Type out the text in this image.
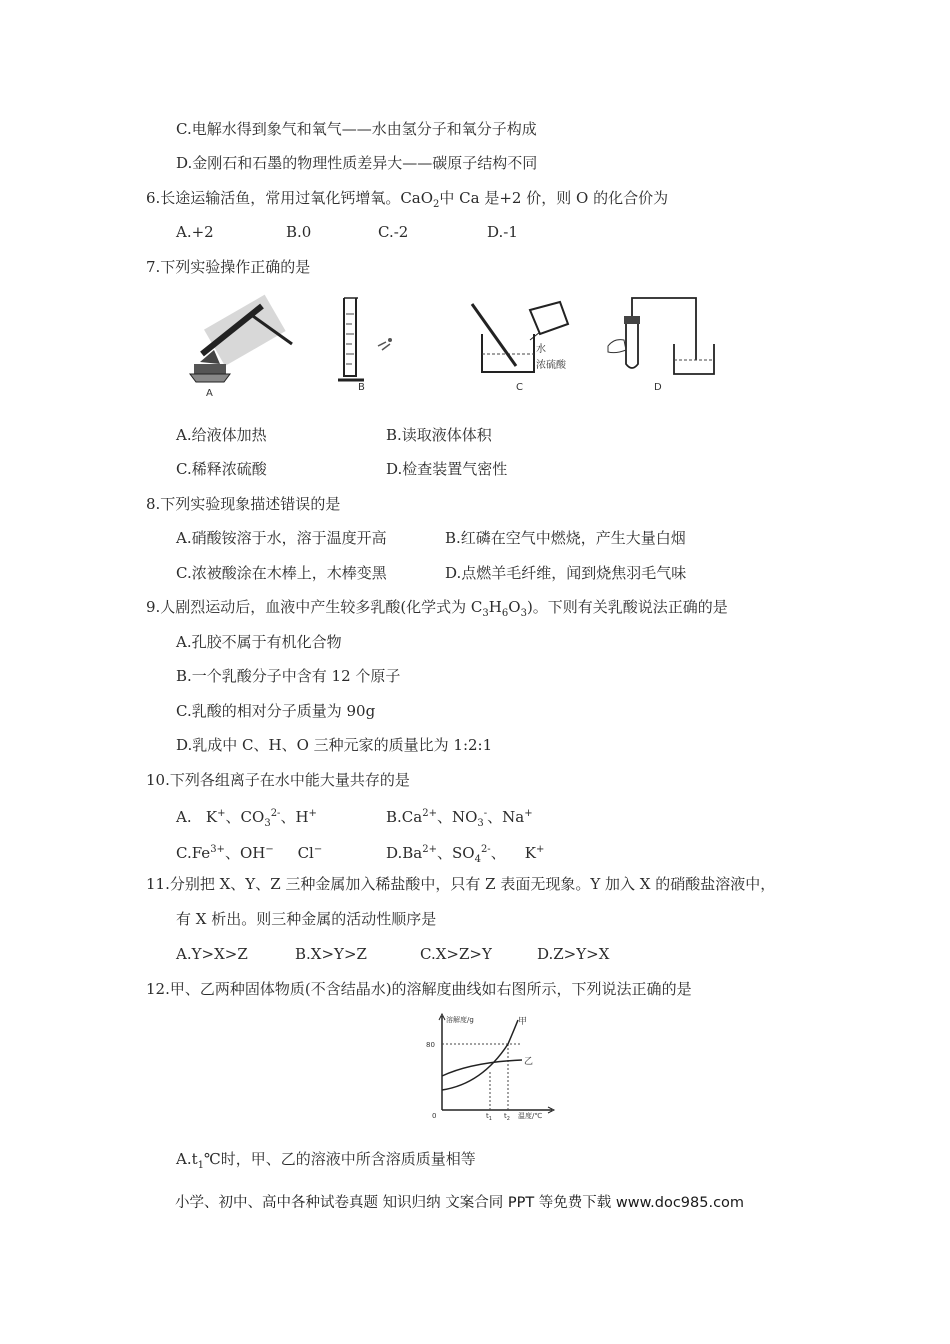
C.电解水得到象气和氧气——水由氢分子和氧分子构成
D.金刚石和石墨的物理性质差异大——碳原子结构不同
6.长途运输活鱼，常用过氧化钙增氧。CaO$_2$中 Ca 是+2 价，则 O 的化合价为
A.+2	B.0	C.-2	D.-1
7.下列实验操作正确的是
A
B
水
浓硫酸
C	D
A.给液体加热	B.读取液体体积
C.稀释浓硫酸	D.检查装置气密性
8.下列实验现象描述错误的是
A.硝酸铵溶于水，溶于温度开高	B.红磷在空气中燃烧，产生大量白烟
C.浓被酸涂在木棒上，木棒变黑	D.点燃羊毛纤维，闻到烧焦羽毛气味
9.人剧烈运动后，血液中产生较多乳酸(化学式为 $C_3H_6O_3$)。下则有关乳酸说法正确的是
A.孔胶不属于有机化合物
B.一个乳酸分子中含有 12 个原子
C.乳酸的相对分子质量为 90g
D.乳成中 C、H、O 三种元家的质量比为 1:2:1
10.下列各组离子在水中能大量共存的是
A. K+、$CO_3^{2-}$、H+	$B.Ca^{2+}$、$NO_3^-$、Na+
$C.Fe^{3+}$、OH− Cl−	$D.Ba^{2+}$、$SO_4^{2-}$、 K+
11.分别把 X、Y、Z 三种金属加入稀盐酸中，只有 Z 表面无现象。Y 加入 X 的硝酸盐溶液中，
有 X 析出。则三种金属的活动性顺序是
A.Y>X>Z	B.X>Y>Z	C.X>Z>Y	D.Z>Y>X
12.甲、乙两种固体物质(不含结晶水)的溶解度曲线如右图所示，下列说法正确的是
溶解度/g
80
甲
乙
0	$t_1$ $t_2$ 温度/℃
$A.t_1℃$时，甲、乙的溶液中所含溶质质量相等
小学、初中、高中各种试卷真题 知识归纳 文案合同 PPT 等免费下载 www.doc985.com
